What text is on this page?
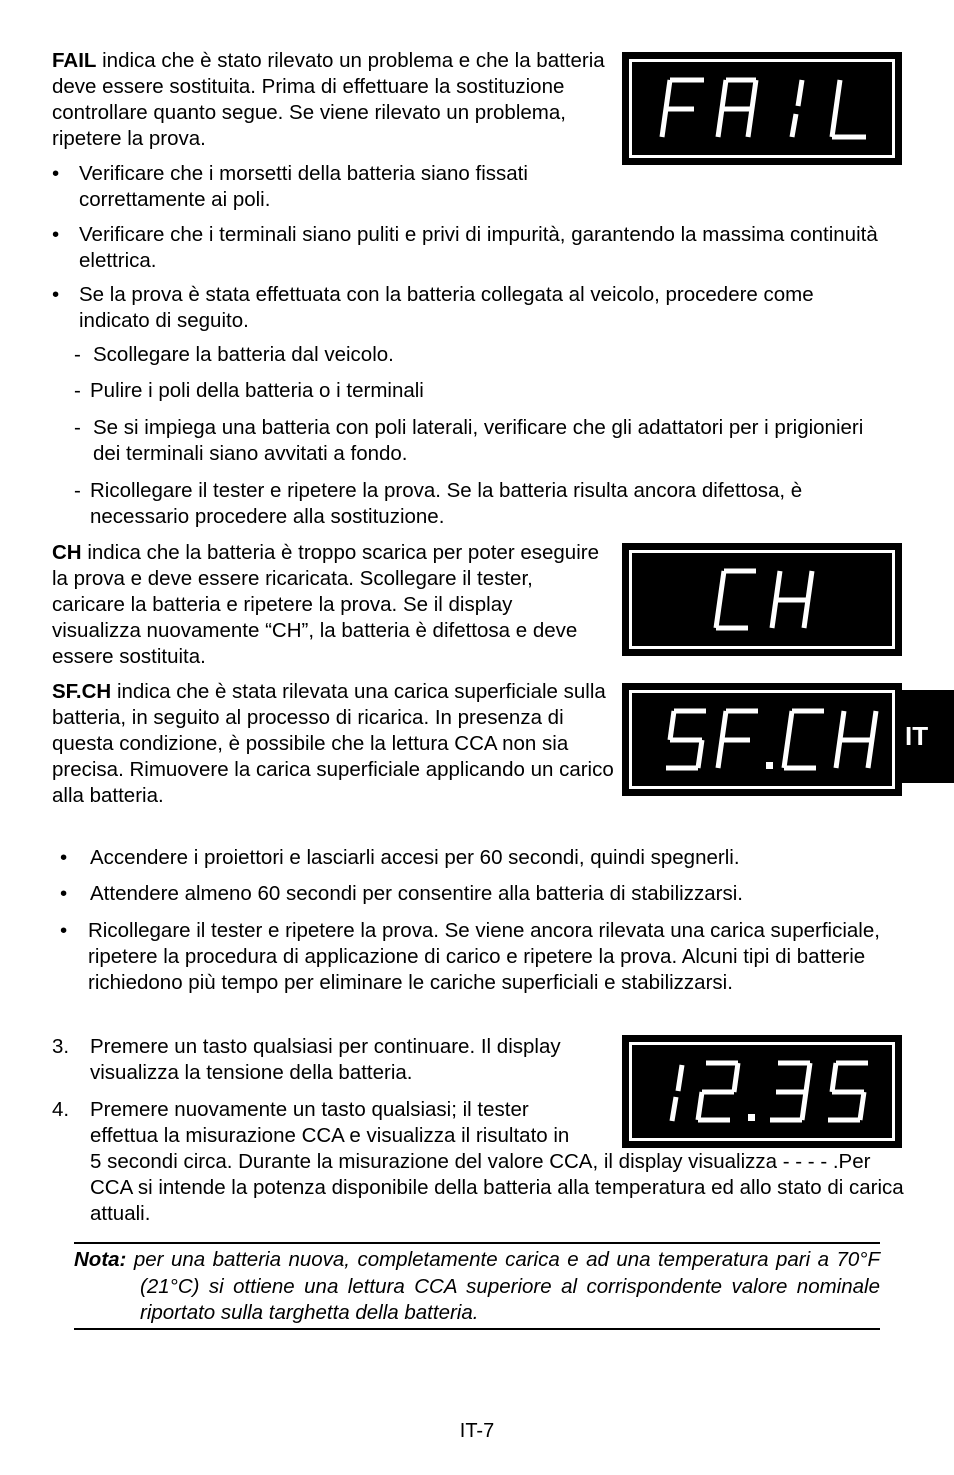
FAIL indica che è stato rilevato un problema e che la batteria deve essere sostituita. Prima di effettuare la sostituzione controllare quanto segue. Se viene rilevato un problema, ripetere la prova.
• Verificare che i morsetti della batteria siano fissati correttamente ai poli.
• Verificare che i terminali siano puliti e privi di impurità, garantendo la massima continuità elettrica.
• Se la prova è stata effettuata con la batteria collegata al veicolo, procedere come indicato di seguito.
- Scollegare la batteria dal veicolo.
- Pulire i poli della batteria o i terminali
- Se si impiega una batteria con poli laterali, verificare che gli adattatori per i prigionieri dei terminali siano avvitati a fondo.
- Ricollegare il tester e ripetere la prova. Se la batteria risulta ancora difettosa, è necessario procedere alla sostituzione.
CH indica che la batteria è troppo scarica per poter eseguire la prova e deve essere ricaricata. Scollegare il tester, caricare la batteria e ripetere la prova. Se il display visualizza nuovamente “CH”, la batteria è difettosa e deve essere sostituita.
SF.CH indica che è stata rilevata una carica superficiale sulla batteria, in seguito al processo di ricarica. In presenza di questa condizione, è possibile che la lettura CCA non sia precisa. Rimuovere la carica superficiale applicando un carico alla batteria.
IT
•	Accendere i proiettori e lasciarli accesi per 60 secondi, quindi spegnerli.
•	Attendere almeno 60 secondi per consentire alla batteria di stabilizzarsi.
•	Ricollegare il tester e ripetere la prova. Se viene ancora rilevata una carica superficiale, ripetere la procedura di applicazione di carico e ripetere la prova. Alcuni tipi di batterie richiedono più tempo per eliminare le cariche superficiali e stabilizzarsi.
3.	Premere un tasto qualsiasi per continuare. Il display visualizza la tensione della batteria.
4. Premere nuovamente un tasto qualsiasi; il tester effettua la misurazione CCA e visualizza il risultato in 5 secondi circa. Durante la misurazione del valore CCA, il display visualizza - - - - .Per CCA si intende la potenza disponibile della batteria alla temperatura ed allo stato di carica attuali.
Nota: per una batteria nuova, completamente carica e ad una temperatura pari a 70°F (21°C) si ottiene una lettura CCA superiore al corrispondente valore nominale riportato sulla targhetta della batteria.
IT-7
